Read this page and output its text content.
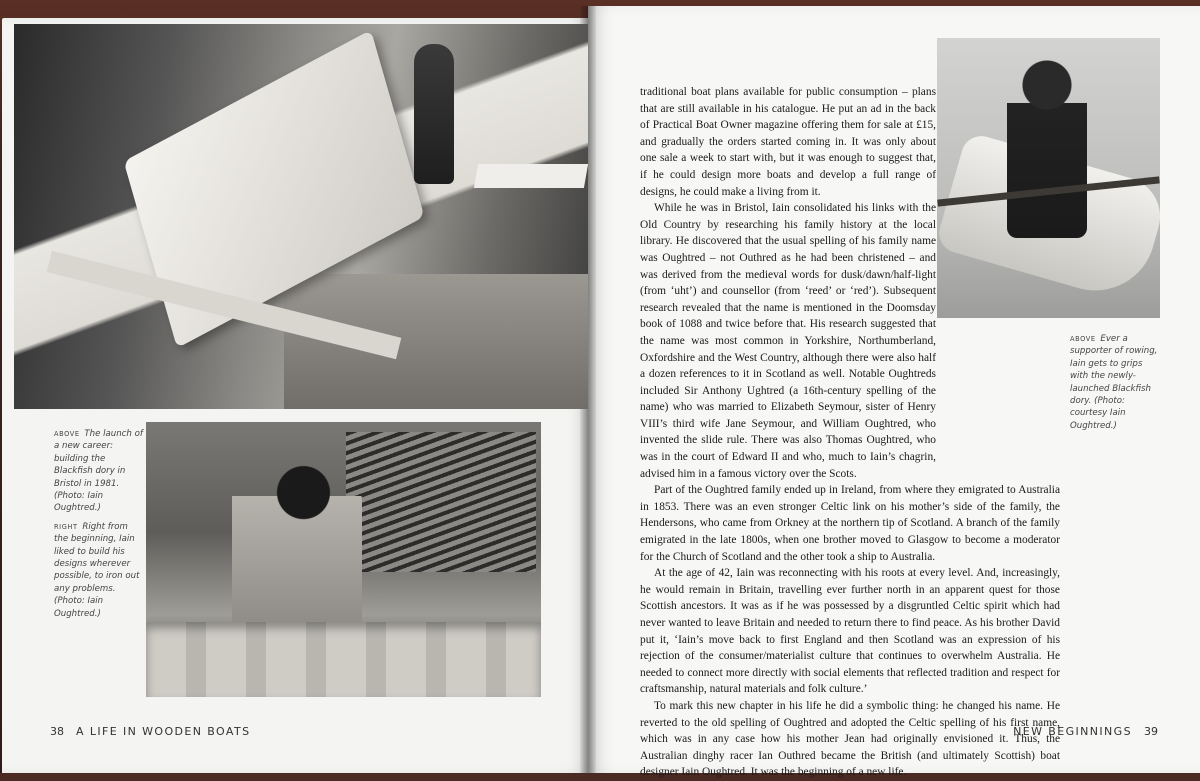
ABOVE The launch of a new career: building the Blackfish dory in Bristol in 1981. (Photo: Iain Oughtred.)

RIGHT Right from the beginning, Iain liked to build his designs wherever possible, to iron out any problems. (Photo: Iain Oughtred.)

38 A LIFE IN WOODEN BOATS

ABOVE Ever a supporter of rowing, Iain gets to grips with the newly-launched Blackfish dory. (Photo: courtesy Iain Oughtred.)

traditional boat plans available for public consumption – plans that are still available in his catalogue. He put an ad in the back of Practical Boat Owner magazine offering them for sale at £15, and gradually the orders started coming in. It was only about one sale a week to start with, but it was enough to suggest that, if he could design more boats and develop a full range of designs, he could make a living from it.

While he was in Bristol, Iain consolidated his links with the Old Country by researching his family history at the local library. He discovered that the usual spelling of his family name was Oughtred – not Outhred as he had been christened – and was derived from the medieval words for dusk/dawn/half-light (from ‘uht’) and counsellor (from ‘reed’ or ‘red’). Subsequent research revealed that the name is mentioned in the Doomsday book of 1088 and twice before that. His research suggested that the name was most common in Yorkshire, Northumberland, Oxfordshire and the West Country, although there were also half a dozen references to it in Scotland as well. Notable Oughtreds included Sir Anthony Ughtred (a 16th-century spelling of the name) who was married to Elizabeth Seymour, sister of Henry VIII’s third wife Jane Seymour, and William Oughtred, who invented the slide rule. There was also Thomas Oughtred, who was in the court of Edward II and who, much to Iain’s chagrin, advised him in a famous victory over the Scots.

Part of the Oughtred family ended up in Ireland, from where they emigrated to Australia in 1853. There was an even stronger Celtic link on his mother’s side of the family, the Hendersons, who came from Orkney at the northern tip of Scotland. A branch of the family emigrated in the late 1800s, when one brother moved to Glasgow to become a moderator for the Church of Scotland and the other took a ship to Australia.

At the age of 42, Iain was reconnecting with his roots at every level. And, increasingly, he would remain in Britain, travelling ever further north in an apparent quest for those Scottish ancestors. It was as if he was possessed by a disgruntled Celtic spirit which had never wanted to leave Britain and needed to return there to find peace. As his brother David put it, ‘Iain’s move back to first England and then Scotland was an expression of his rejection of the consumer/materialist culture that continues to overwhelm Australia. He needed to connect more directly with social elements that reflected tradition and respect for craftsmanship, natural materials and folk culture.’

To mark this new chapter in his life he did a symbolic thing: he changed his name. He reverted to the old spelling of Oughtred and adopted the Celtic spelling of his first name, which was in any case how his mother Jean had originally envisioned it. Thus, the Australian dinghy racer Ian Outhred became the British (and ultimately Scottish) boat designer Iain Oughtred. It was the beginning of a new life.

NEW BEGINNINGS 39
